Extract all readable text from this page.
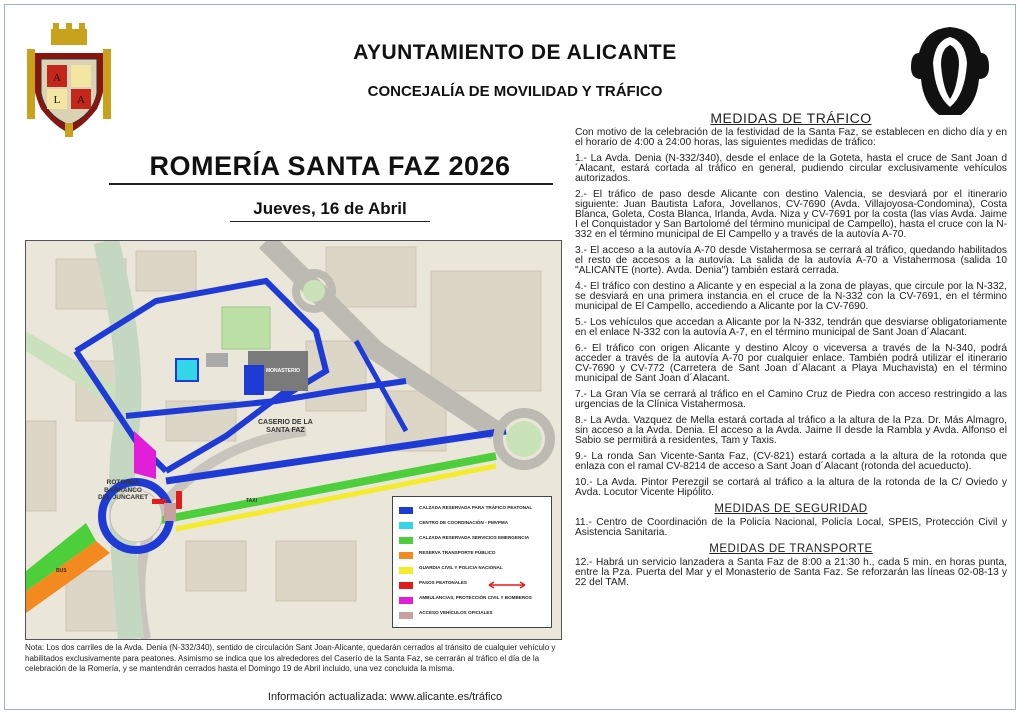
A
A
L
AYUNTAMIENTO DE ALICANTE
CONCEJALÍA DE MOVILIDAD Y TRÁFICO
ROMERÍA SANTA FAZ 2026
Jueves, 16 de Abril
CASERIO DE LA
SANTA FAZ
MONASTERIO
ROTONDA
BARRANCO
DEL JUNCARET
BUS
TAXI
CALZADA RESERVADA PARA TRÁFICO PEATONAL
CENTRO DE COORDINACIÓN - PMVPMA
CALZADA RESERVADA SERVICIOS EMERGENCIA
RESERVA TRANSPORTE PÚBLICO
GUARDIA CIVIL Y POLICIA NACIONAL
PASOS PEATONALES
AMBULANCIAS, PROTECCIÓN CIVIL Y BOMBEROS
ACCESO VEHÍCULOS OFICIALES
Nota: Los dos carriles de la Avda. Denia (N-332/340), sentido de circulación Sant Joan-Alicante, quedarán cerrados al tránsito de cualquier vehículo y habilitados exclusivamente para peatones. Asimismo se indica que los alrededores del Caserío de la Santa Faz, se cerrarán al tráfico el día de la celebración de la Romería, y se mantendrán cerrados hasta el Domingo 19 de Abril incluido, una vez concluida la misma.
Información actualizada: www.alicante.es/tráfico
MEDIDAS DE TRÁFICO
Con motivo de la celebración de la festividad de la Santa Faz, se establecen en dicho día y en el horario de 4:00 a 24:00 horas, las siguientes medidas de tráfico:
1.- La Avda. Denia (N-332/340), desde el enlace de la Goteta, hasta el cruce de Sant Joan d´Alacant, estará cortada al tráfico en general, pudiendo circular exclusivamente vehículos autorizados.
2.- El tráfico de paso desde Alicante con destino Valencia, se desviará por el itinerario siguiente: Juan Bautista Lafora, Jovellanos, CV-7690 (Avda. Villajoyosa-Condomina), Costa Blanca, Goleta, Costa Blanca, Irlanda, Avda. Niza y CV-7691 por la costa (las vías Avda. Jaime I el Conquistador y San Bartolomé del término municipal de Campello), hasta el cruce con la N-332 en el término municipal de El Campello y a través de la autovía A-70.
3.- El acceso a la autovía A-70 desde Vistahermosa se cerrará al tráfico, quedando habilitados el resto de accesos a la autovía. La salida de la autovía A-70 a Vistahermosa (salida 10 "ALICANTE (norte). Avda. Denia") también estará cerrada.
4.- El tráfico con destino a Alicante y en especial a la zona de playas, que circule por la N-332, se desviará en una primera instancia en el cruce de la N-332 con la CV-7691, en el término municipal de El Campello, accediendo a Alicante por la CV-7690.
5.- Los vehículos que accedan a Alicante por la N-332, tendrán que desviarse obligatoriamente en el enlace N-332 con la autovía A-7, en el término municipal de Sant Joan d´Alacant.
6.- El tráfico con origen Alicante y destino Alcoy o viceversa a través de la N-340, podrá acceder a través de la autovía A-70 por cualquier enlace. También podrá utilizar el itinerario CV-7690 y CV-772 (Carretera de Sant Joan d´Alacant a Playa Muchavista) en el término municipal de Sant Joan d´Alacant.
7.- La Gran Vía se cerrará al tráfico en el Camino Cruz de Piedra con acceso restringido a las urgencias de la Clínica Vistahermosa.
8.- La Avda. Vazquez de Mella estará cortada al tráfico a la altura de la Pza. Dr. Más Almagro, sin acceso a la Avda. Denia. El acceso a la Avda. Jaime II desde la Rambla y Avda. Alfonso el Sabio se permitirá a residentes, Tam y Taxis.
9.- La ronda San Vicente-Santa Faz, (CV-821) estará cortada a la altura de la rotonda que enlaza con el ramal CV-8214 de acceso a Sant Joan d´Alacant (rotonda del acueducto).
10.- La Avda. Pintor Perezgil se cortará al tráfico a la altura de la rotonda de la C/ Oviedo y Avda. Locutor Vicente Hipólito.
MEDIDAS DE SEGURIDAD
11.- Centro de Coordinación de la Policía Nacional, Policía Local, SPEIS, Protección Civil y Asistencia Sanitaria.
MEDIDAS DE TRANSPORTE
12.- Habrá un servicio lanzadera a Santa Faz de 8:00 a 21:30 h., cada 5 min. en horas punta, entre la Pza. Puerta del Mar y el Monasterio de Santa Faz. Se reforzarán las líneas 02-08-13 y 22 del TAM.
